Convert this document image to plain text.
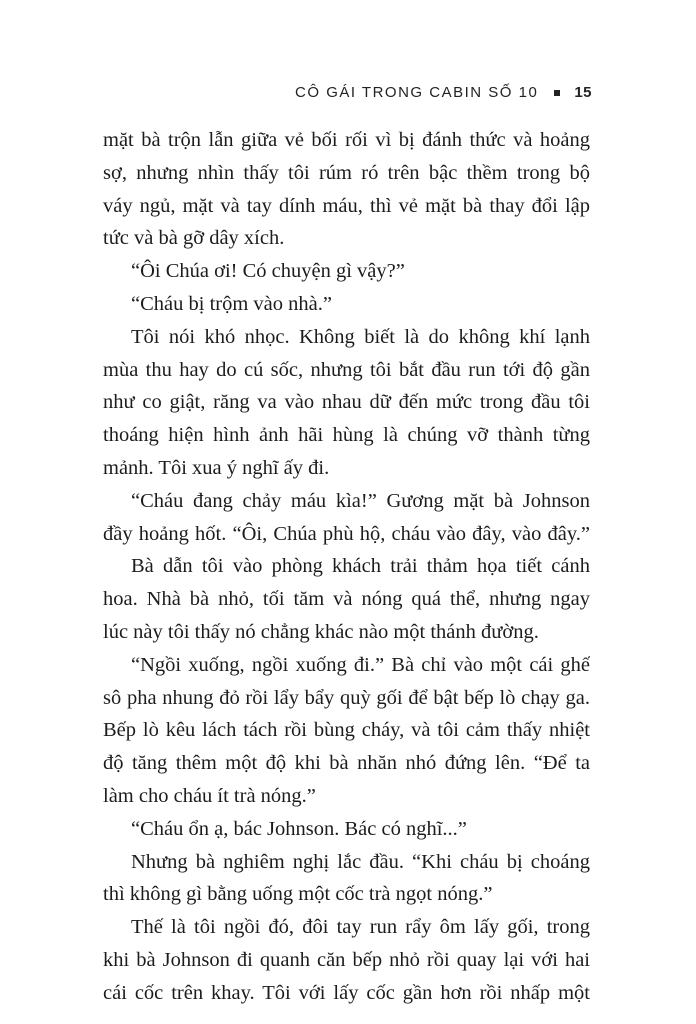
CÔ GÁI TRONG CABIN SỐ 10 15
mặt bà trộn lẫn giữa vẻ bối rối vì bị đánh thức và hoảng
sợ, nhưng nhìn thấy tôi rúm ró trên bậc thềm trong bộ
váy ngủ, mặt và tay dính máu, thì vẻ mặt bà thay đổi lập
tức và bà gỡ dây xích.
“Ôi Chúa ơi! Có chuyện gì vậy?”
“Cháu bị trộm vào nhà.”
Tôi nói khó nhọc. Không biết là do không khí lạnh
mùa thu hay do cú sốc, nhưng tôi bắt đầu run tới độ gần
như co giật, răng va vào nhau dữ đến mức trong đầu tôi
thoáng hiện hình ảnh hãi hùng là chúng vỡ thành từng
mảnh. Tôi xua ý nghĩ ấy đi.
“Cháu đang chảy máu kìa!” Gương mặt bà Johnson
đầy hoảng hốt. “Ôi, Chúa phù hộ, cháu vào đây, vào đây.”
Bà dẫn tôi vào phòng khách trải thảm họa tiết cánh
hoa. Nhà bà nhỏ, tối tăm và nóng quá thể, nhưng ngay
lúc này tôi thấy nó chẳng khác nào một thánh đường.
“Ngồi xuống, ngồi xuống đi.” Bà chỉ vào một cái ghế
sô pha nhung đỏ rồi lẩy bẩy quỳ gối để bật bếp lò chạy ga.
Bếp lò kêu lách tách rồi bùng cháy, và tôi cảm thấy nhiệt
độ tăng thêm một độ khi bà nhăn nhó đứng lên. “Để ta
làm cho cháu ít trà nóng.”
“Cháu ổn ạ, bác Johnson. Bác có nghĩ...”
Nhưng bà nghiêm nghị lắc đầu. “Khi cháu bị choáng
thì không gì bằng uống một cốc trà ngọt nóng.”
Thế là tôi ngồi đó, đôi tay run rẩy ôm lấy gối, trong
khi bà Johnson đi quanh căn bếp nhỏ rồi quay lại với hai
cái cốc trên khay. Tôi với lấy cốc gần hơn rồi nhấp một
